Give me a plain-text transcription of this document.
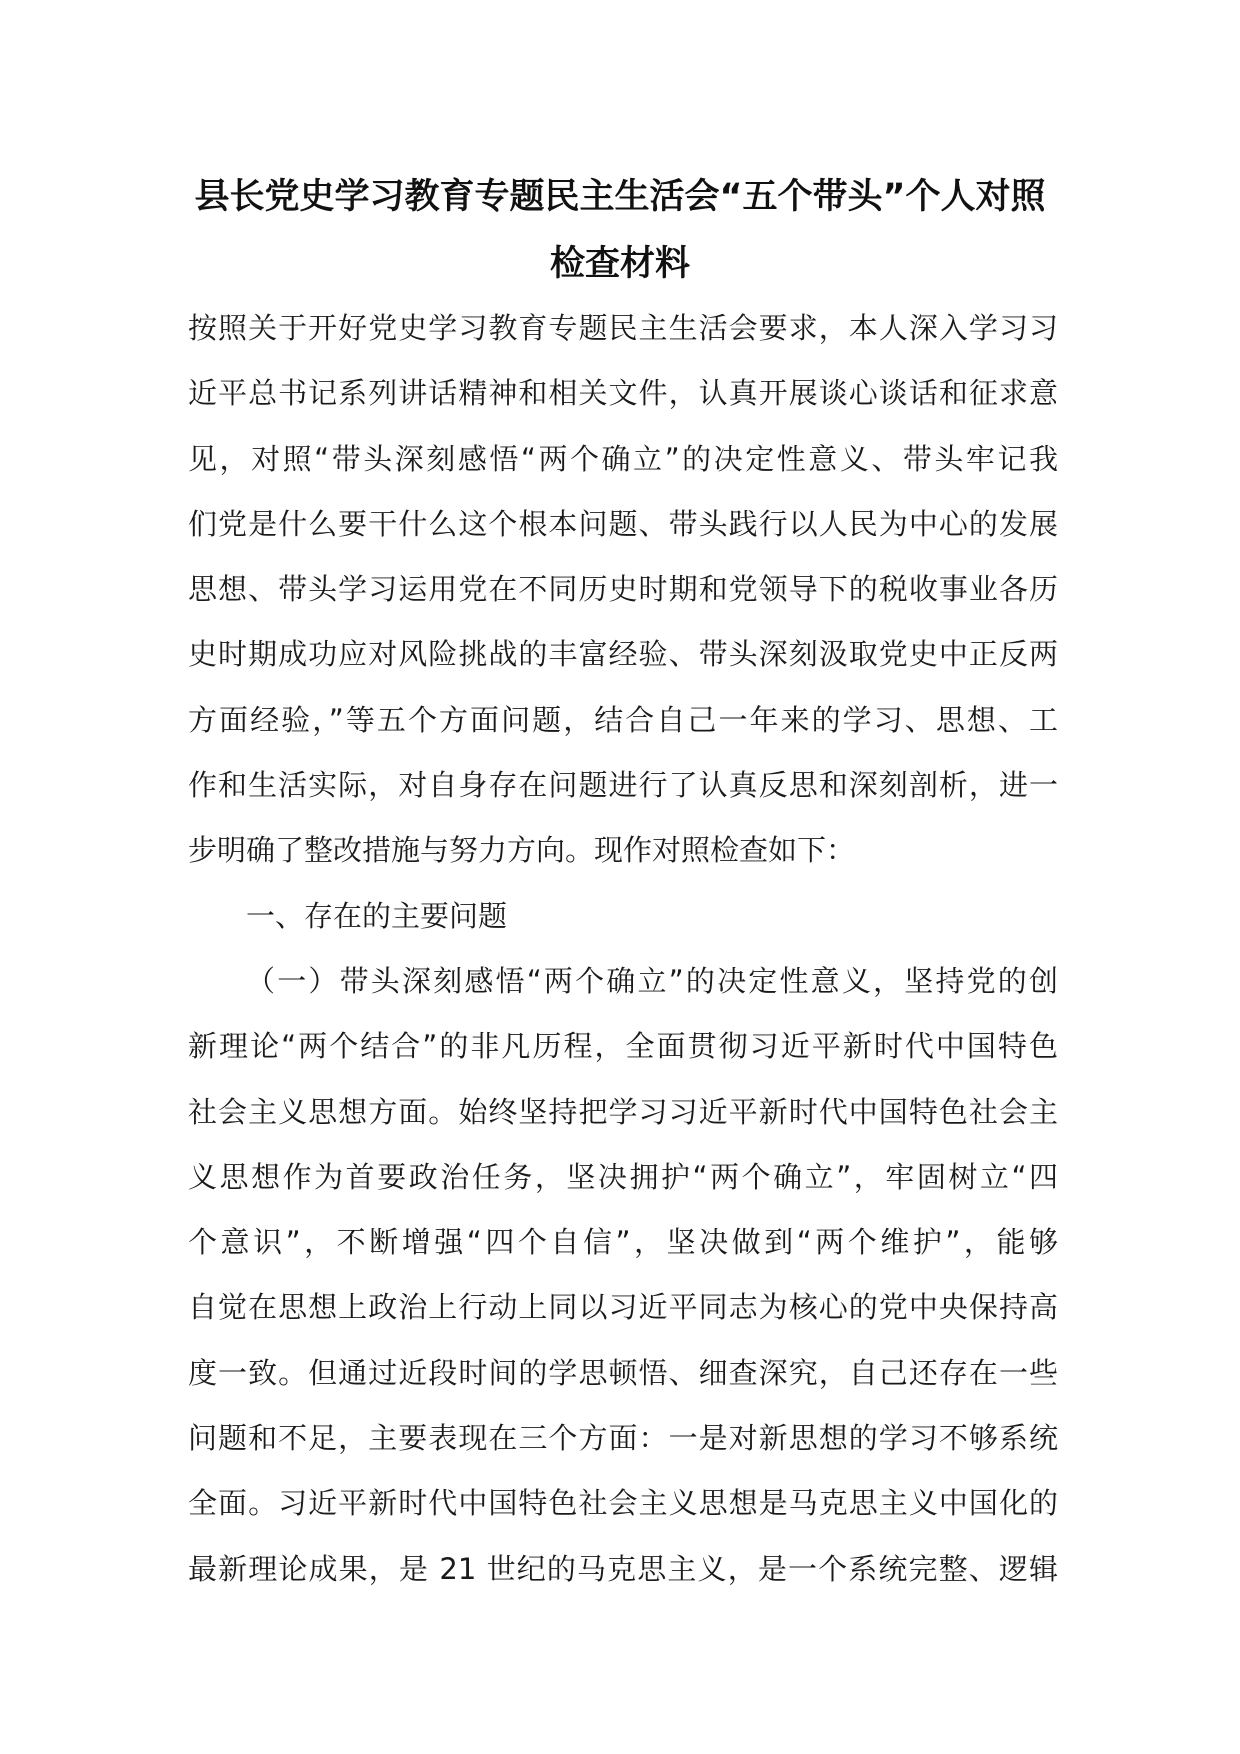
县长党史学习教育专题民主生活会“五个带头”个人对照
检查材料
按照关于开好党史学习教育专题民主生活会要求，本人深入学习习
近平总书记系列讲话精神和相关文件，认真开展谈心谈话和征求意
见，对照“带头深刻感悟“两个确立”的决定性意义、带头牢记我
们党是什么要干什么这个根本问题、带头践行以人民为中心的发展
思想、带头学习运用党在不同历史时期和党领导下的税收事业各历
史时期成功应对风险挑战的丰富经验、带头深刻汲取党史中正反两
方面经验，”等五个方面问题，结合自己一年来的学习、思想、工
作和生活实际，对自身存在问题进行了认真反思和深刻剖析，进一
步明确了整改措施与努力方向。现作对照检查如下：
一、存在的主要问题
（一）带头深刻感悟“两个确立”的决定性意义，坚持党的创
新理论“两个结合”的非凡历程，全面贯彻习近平新时代中国特色
社会主义思想方面。始终坚持把学习习近平新时代中国特色社会主
义思想作为首要政治任务，坚决拥护“两个确立”，牢固树立“四
个意识”，不断增强“四个自信”，坚决做到“两个维护”，能够
自觉在思想上政治上行动上同以习近平同志为核心的党中央保持高
度一致。但通过近段时间的学思顿悟、细查深究，自己还存在一些
问题和不足，主要表现在三个方面：一是对新思想的学习不够系统
全面。习近平新时代中国特色社会主义思想是马克思主义中国化的
最新理论成果，是 21 世纪的马克思主义，是一个系统完整、逻辑
